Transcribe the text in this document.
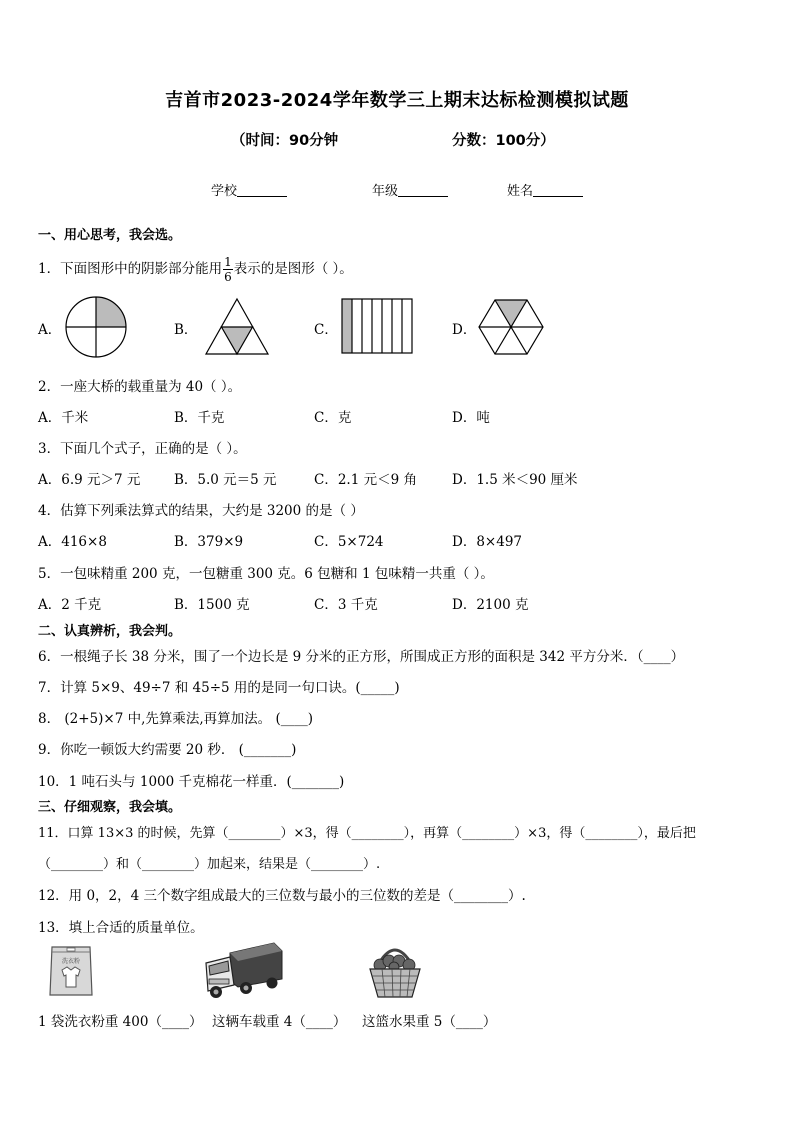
吉首市2023-2024学年数学三上期末达标检测模拟试题
（时间：90分钟	分数：100分）
学校	年级	姓名
一、用心思考，我会选。
1．下面图形中的阴影部分能用 $\frac{1}{6}$ 表示的是图形（ ）。
A．	B．	C．	D．
2．一座大桥的载重量为 40（ ）。
A．千米	B．千克	C．克	D．吨
3．下面几个式子，正确的是（ ）。
A．6.9 元＞7 元 B．5.0 元＝5 元	C．2.1 元＜9 角	D．1.5 米＜90 厘米
4．估算下列乘法算式的结果，大约是 3200 的是（ ）
A．416×8	B．379×9	C．5×724	D．8×497
5．一包味精重 200 克，一包糖重 300 克。6 包糖和 1 包味精一共重（ ）。
A．2 千克	B．1500 克	C．3 千克	D．2100 克
二、认真辨析，我会判。
6．一根绳子长 38 分米，围了一个边长是 9 分米的正方形，所围成正方形的面积是 342 平方分米．（____）
7．计算 5×9、49÷7 和 45÷5 用的是同一句口诀。(_____)
8． (2+5)×7 中,先算乘法,再算加法。 (____)
9．你吃一顿饭大约需要 20 秒． (_______)
10．1 吨石头与 1000 千克棉花一样重．(_______)
三、仔细观察，我会填。
11．口算 13×3 的时候，先算（________）×3，得（________），再算（________）×3，得（________），最后把
（________）和（________）加起来，结果是（________）.
12．用 0，2，4 三个数字组成最大的三位数与最小的三位数的差是（________）.
13．填上合适的质量单位。
洗衣粉
1 袋洗衣粉重 400（____） 这辆车载重 4（____） 这篮水果重 5（____）
